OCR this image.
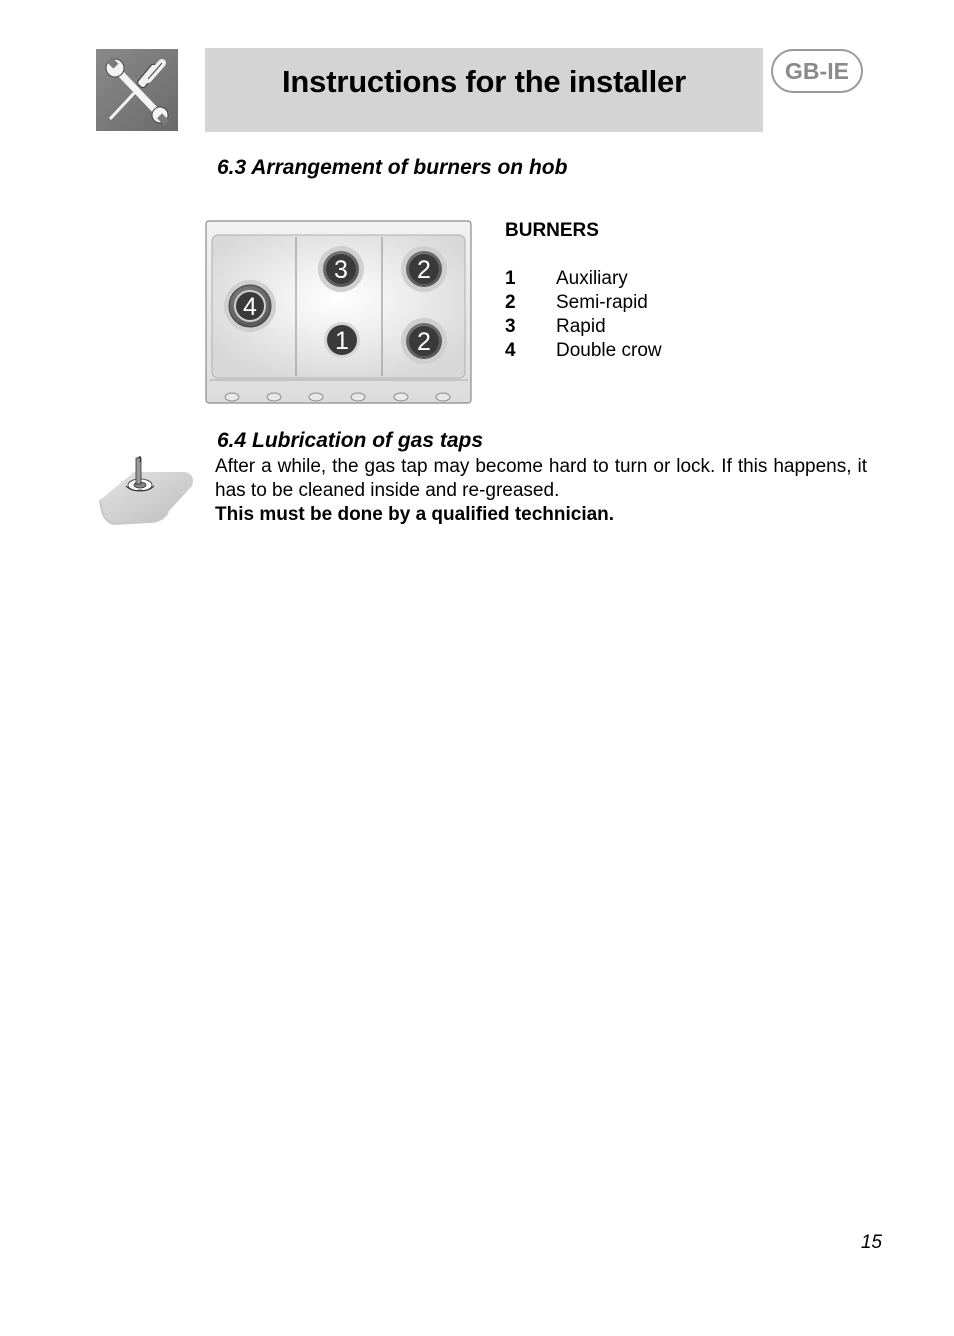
Instructions for the installer	GB-IE
6.3 Arrangement of burners on hob
4
3	2
1	2
BURNERS
1 Auxiliary
2 Semi-rapid
3 Rapid
4 Double crow
6.4 Lubrication of gas taps
After a while, the gas tap may become hard to turn or lock. If this happens, it has to be cleaned inside and re-greased.
This must be done by a qualified technician.
15
